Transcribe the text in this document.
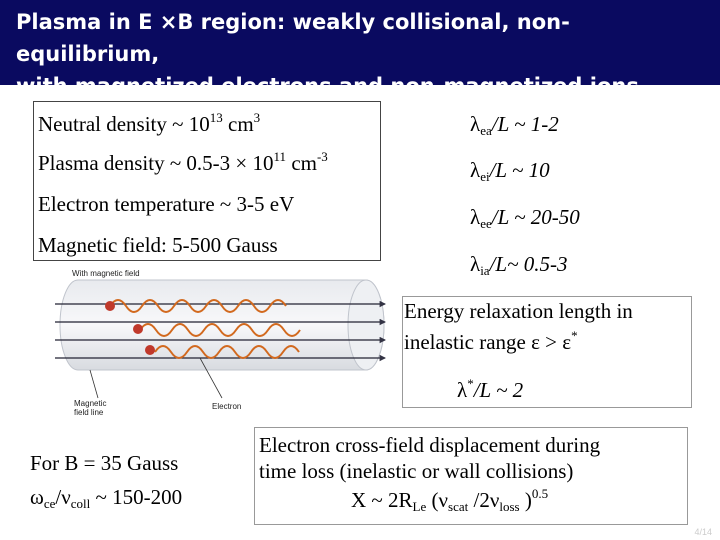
Plasma in E ×B region: weakly collisional, non-equilibrium,
with magnetized electrons and non-magnetized ions
Neutral density ~ $10^{13}$ $cm^3$
Plasma density ~ $0.5-3 \times 10^{11}$ $cm^{-3}$
Electron temperature ~ 3-5 eV
Magnetic field: 5-500 Gauss
$\lambda_{ea}/L$ ~ 1-2
$\lambda_{ei}/L$ ~ 10
$\lambda_{ee}/L$ ~ 20-50
$\lambda_{ia}/L\sim$ 0.5-3
Energy relaxation length in
inelastic range ε > ε*
λ*/L ~ 2
With magnetic field
Magnetic
field line
Electron
For B = 35 Gauss
$\omega_{ce}/\nu_{coll}$ ~ 150-200
Electron cross-field displacement during
time loss (inelastic or wall collisions)
X ~ $2R_{Le}$ ($\nu_{scat}$ $/2\nu_{loss}$ )$^{0.5}$
4/14
